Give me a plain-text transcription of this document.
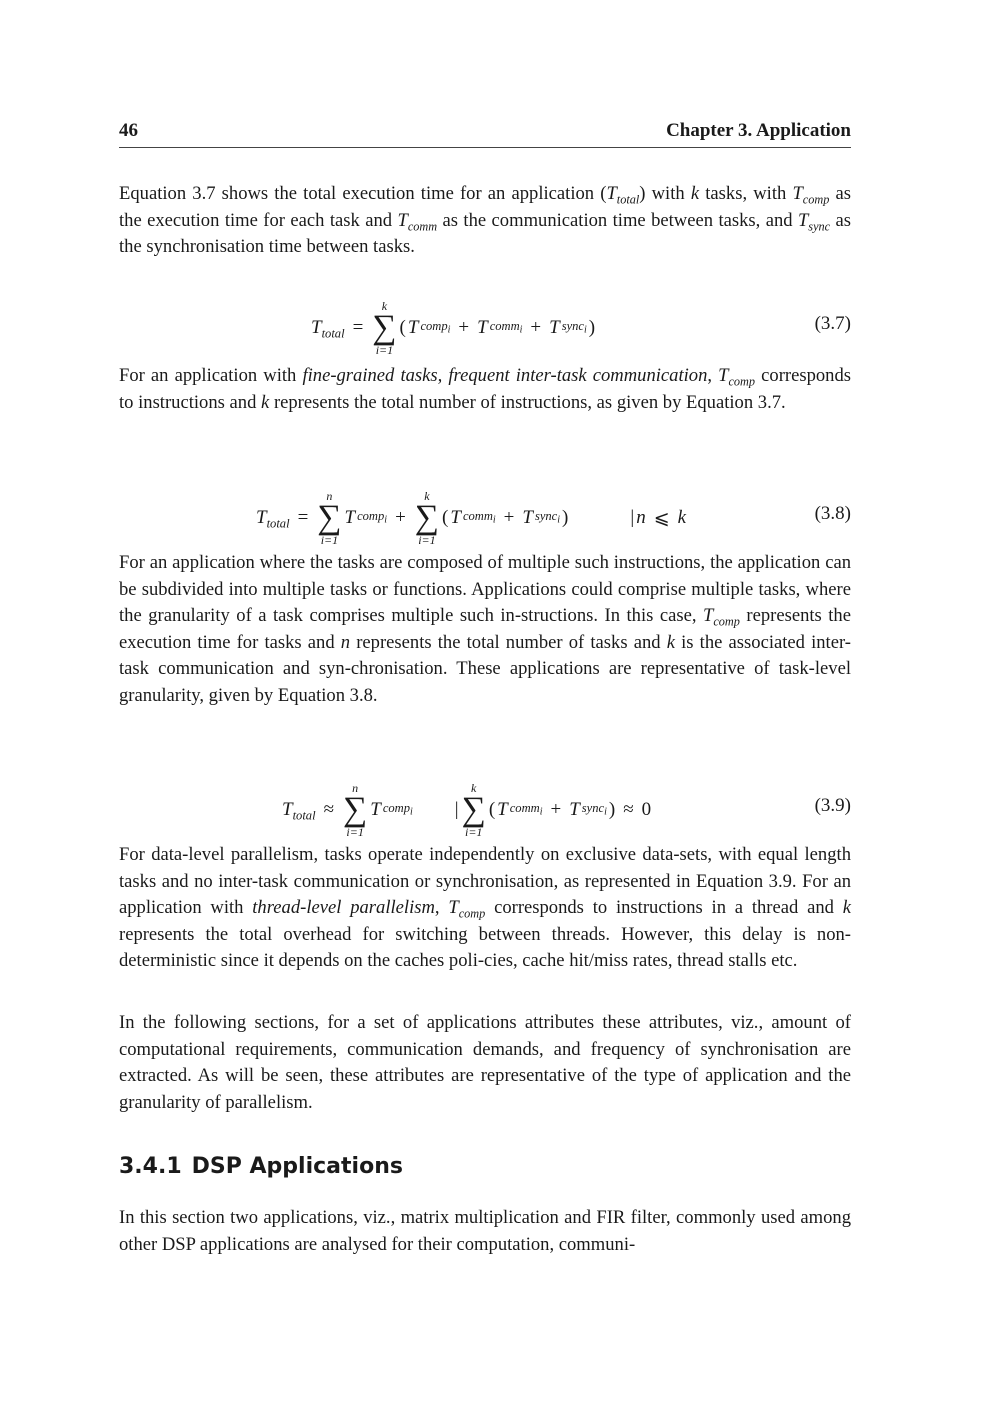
46	Chapter 3. Application

Equation 3.7 shows the total execution time for an application $(T_{total})$ with k tasks, with $T_{comp}$ as the execution time for each task and $T_{comm}$ as the communication time between tasks, and $T_{sync}$ as the synchronisation time between tasks.

$T_{total}$ =
k
∑
i=1
( T comp$_i$ + T comm$_i$ + T sync$_i$ )	(3.7)

For an application with fine-grained tasks, frequent inter-task communication, $T_{comp}$ corresponds to instructions and k represents the total number of instructions, as given by Equation 3.7.

$T_{total}$ =
n
∑
i=1
T comp$_i$ +
k
∑
i=1
( T comm$_i$ + T sync$_i$ )	| n ⩽ k	(3.8)

For an application where the tasks are composed of multiple such instructions, the application can be subdivided into multiple tasks or functions. Applications could comprise multiple tasks, where the granularity of a task comprises multiple such in-structions. In this case, $T_{comp}$ represents the execution time for tasks and n represents the total number of tasks and k is the associated inter-task communication and syn-chronisation. These applications are representative of task-level granularity, given by Equation 3.8.

$T_{total}$ ≈
n
∑
i=1
T comp$_i$ |
k
∑
i=1
( T comm$_i$ + T sync$_i$ ) ≈ 0	(3.9)

For data-level parallelism, tasks operate independently on exclusive data-sets, with equal length tasks and no inter-task communication or synchronisation, as represented in Equation 3.9. For an application with thread-level parallelism, $T_{comp}$ corresponds to instructions in a thread and k represents the total overhead for switching between threads. However, this delay is non-deterministic since it depends on the caches poli-cies, cache hit/miss rates, thread stalls etc.

In the following sections, for a set of applications attributes these attributes, viz., amount of computational requirements, communication demands, and frequency of synchronisation are extracted. As will be seen, these attributes are representative of the type of application and the granularity of parallelism.

3.4.1 DSP Applications

In this section two applications, viz., matrix multiplication and FIR filter, commonly used among other DSP applications are analysed for their computation, communi-
